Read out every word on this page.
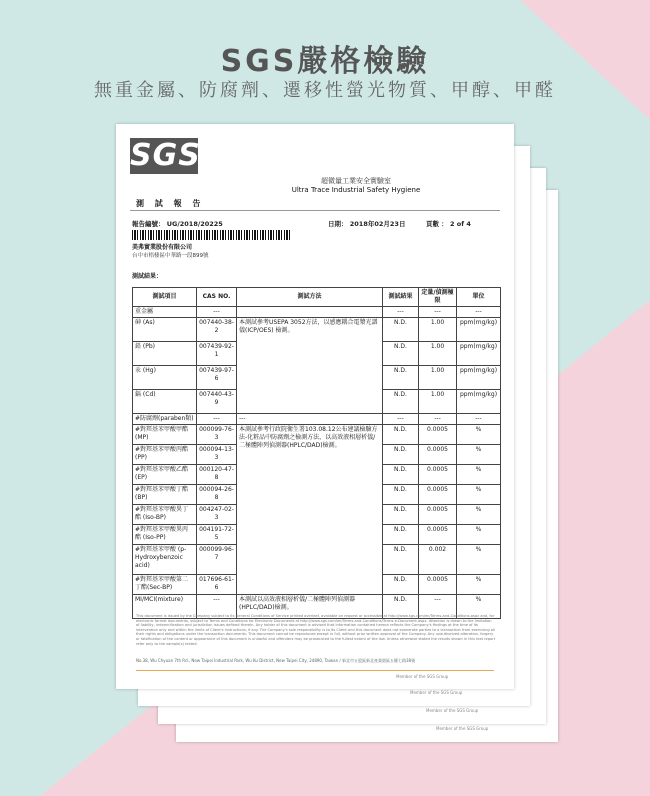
SGS嚴格檢驗
無重金屬、防腐劑、遷移性螢光物質、甲醇、甲醛
Member of the SGS Group
Member of the SGS Group
Member of the SGS Group
SGS
超微量工業安全實驗室
Ultra Trace Industrial Safety Hygiene
測 試 報 告
報告編號： UG/2018/20225	日期： 2018年02月23日	頁數 ： 2 of 4
美弗實業股份有限公司
台中市梧棲區中華路一段899號
測試結果：
測試項目	CAS NO.	測試方法	測試結果	定量/偵測極限	單位
重金屬	---		---	---	---
砷 (As)	007440-38-2	本測試參考USEPA 3052方法，以感應耦合電漿光譜儀(ICP/OES) 檢測。	N.D.	1.00	ppm(mg/kg)
鉛 (Pb)	007439-92-1		N.D.	1.00	ppm(mg/kg)
汞 (Hg)	007439-97-6		N.D.	1.00	ppm(mg/kg)
鎘 (Cd)	007440-43-9		N.D.	1.00	ppm(mg/kg)
#防腐劑(paraben類)	---	---	---	---	---
#對羥基苯甲酸甲酯 (MP)	000099-76-3	本測試參考行政院衛生署103.08.12公布建議檢驗方法-化粧品中防腐劑之檢測方法，以高效液相層析儀/二極體陣列偵測器(HPLC/DAD)檢測。	N.D.	0.0005	%
#對羥基苯甲酸丙酯 (PP)	000094-13-3		N.D.	0.0005	%
#對羥基苯甲酸乙酯 (EP)	000120-47-8		N.D.	0.0005	%
#對羥基苯甲酸丁酯 (BP)	000094-26-8		N.D.	0.0005	%
#對羥基苯甲酸異丁酯 (Iso-BP)	004247-02-3		N.D.	0.0005	%
#對羥基苯甲酸異丙酯 (Iso-PP)	004191-72-5		N.D.	0.0005	%
#對羥基苯甲酸 (p-Hydroxybenzoic acid)	000099-96-7		N.D.	0.002	%
#對羥基苯甲酸第二丁酯(Sec-BP)	017696-61-6		N.D.	0.0005	%
MI/MCI(mixture)	---	本測試以高效液相層析儀/二極體陣列偵測器(HPLC/DAD)檢測。	N.D.	---	%
This document is issued by the Company subject to its General Conditions of Service printed overleaf, available on request or accessible at http://www.sgs.com/en/Terms-and-Conditions.aspx and, for electronic format documents, subject to Terms and Conditions for Electronic Documents at http://www.sgs.com/en/Terms-and-Conditions/Terms-e-Document.aspx. Attention is drawn to the limitation of liability, indemnification and jurisdiction issues defined therein. Any holder of this document is advised that information contained hereon reflects the Company's findings at the time of its intervention only and within the limits of Client's instructions, if any. The Company's sole responsibility is to its Client and this document does not exonerate parties to a transaction from exercising all their rights and obligations under the transaction documents. This document cannot be reproduced except in full, without prior written approval of the Company. Any unauthorized alteration, forgery or falsification of the content or appearance of this document is unlawful and offenders may be prosecuted to the fullest extent of the law. Unless otherwise stated the results shown in this test report refer only to the sample(s) tested.
No.38, Wu Chyuan 7th Rd., New Taipei Industrial Park, Wu Ku District, New Taipei City, 24890, Taiwan / 新北市五股區新北產業園區五權七路38號
Member of the SGS Group
